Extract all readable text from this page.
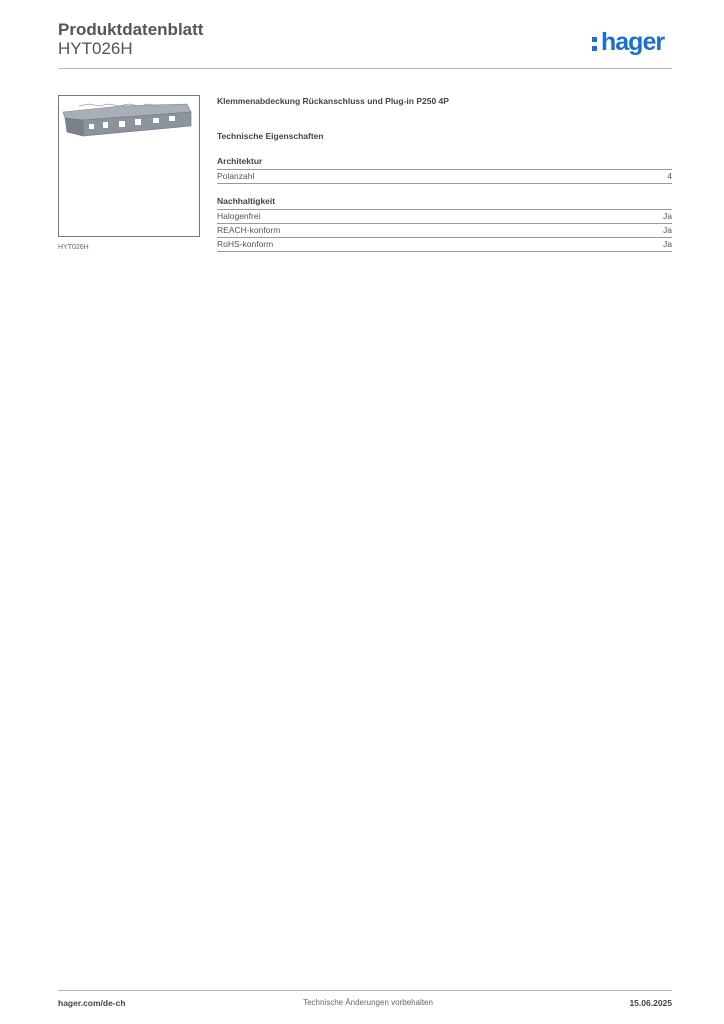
Produktdatenblatt
HYT026H	hager
HYT026H
Klemmenabdeckung Rückanschluss und Plug-in P250 4P
Technische Eigenschaften
Architektur
Polanzahl	4
Nachhaltigkeit
Halogenfrei	Ja
REACH-konform	Ja
RoHS-konform	Ja
hager.com/de-ch	Technische Änderungen vorbehalten	15.06.2025
